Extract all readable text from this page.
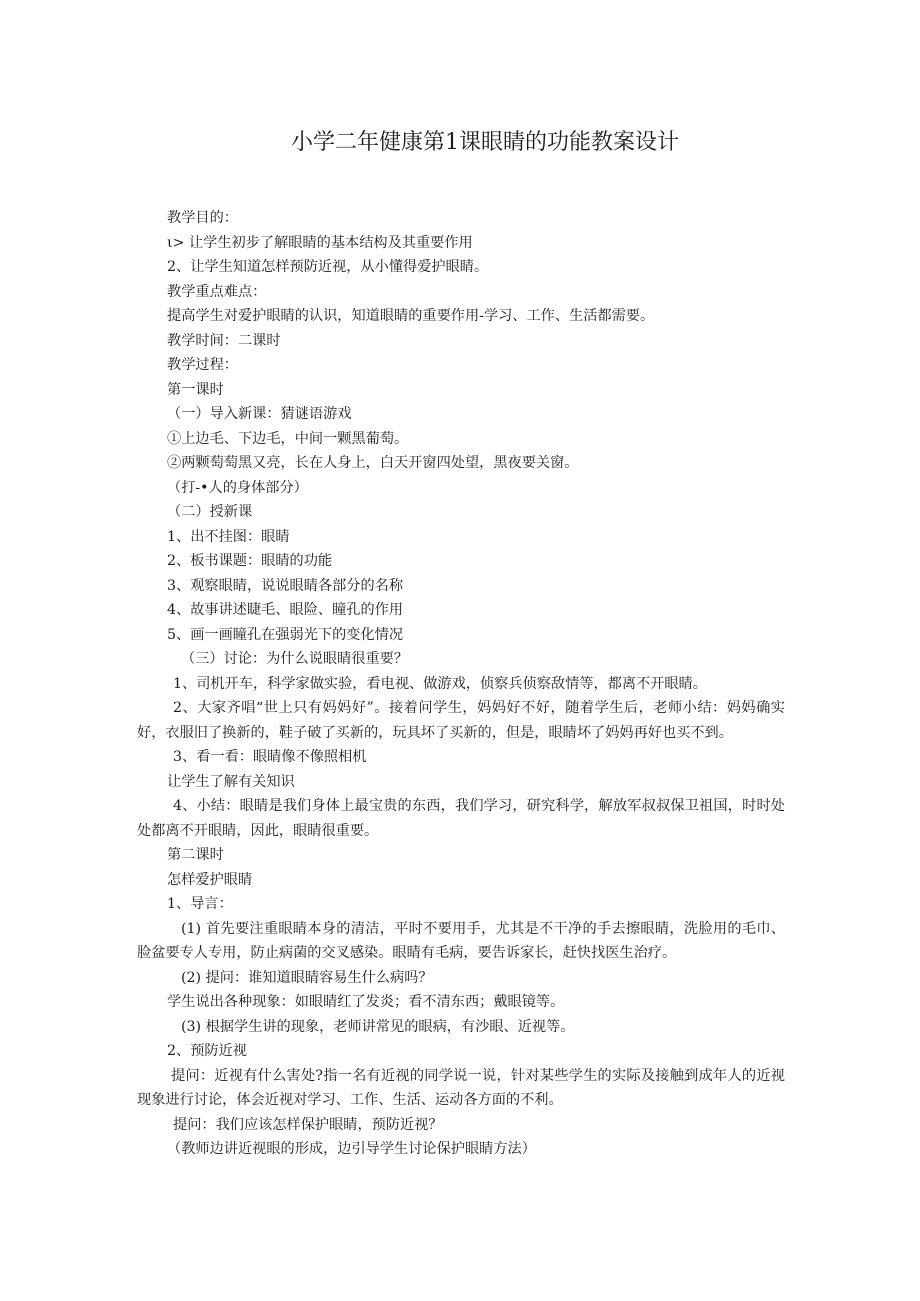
小学二年健康第1课眼睛的功能教案设计
教学目的：
ι> 让学生初步了解眼睛的基本结构及其重要作用
2、让学生知道怎样预防近视，从小懂得爱护眼睛。
教学重点难点：
提高学生对爱护眼睛的认识，知道眼睛的重要作用-学习、工作、生活都需要。
教学时间：二课时
教学过程：
第一课时
（一）导入新课：猜谜语游戏
①上边毛、下边毛，中间一颗黑葡萄。
②两颗萄萄黑又亮，长在人身上，白天开窗四处望，黑夜要关窗。
（打-•人的身体部分）
（二）授新课
1、出不挂图：眼睛
2、板书课题：眼睛的功能
3、观察眼睛，说说眼睛各部分的名称
4、故事讲述睫毛、眼险、瞳孔的作用
5、画一画瞳孔在强弱光下的变化情况
（三）讨论：为什么说眼睛很重要？
1、司机开车，科学家做实验，看电视、做游戏，侦察兵侦察敌情等，都离不开眼睛。
2、大家齐唱“世上只有妈妈好”。接着问学生，妈妈好不好，随着学生后，老师小结：妈妈确实好，衣服旧了换新的，鞋子破了买新的，玩具坏了买新的，但是，眼睛坏了妈妈再好也买不到。
3、看一看：眼睛像不像照相机
让学生了解有关知识
4、小结：眼睛是我们身体上最宝贵的东西，我们学习，研究科学，解放军叔叔保卫祖国，时时处处都离不开眼睛，因此，眼睛很重要。
第二课时
怎样爱护眼睛
1、导言：
(1) 首先要注重眼睛本身的清洁，平时不要用手，尤其是不干净的手去擦眼睛，洗脸用的毛巾、脸盆要专人专用，防止病菌的交叉感染。眼睛有毛病，要告诉家长，赶快找医生治疗。
(2) 提问：谁知道眼睛容易生什么病吗？
学生说出各种现象：如眼睛红了发炎；看不清东西；戴眼镜等。
(3) 根据学生讲的现象，老师讲常见的眼病，有沙眼、近视等。
2、预防近视
提问：近视有什么害处?指一名有近视的同学说一说，针对某些学生的实际及接触到成年人的近视现象进行讨论，体会近视对学习、工作、生活、运动各方面的不利。
提问：我们应该怎样保护眼睛，预防近视？
（教师边讲近视眼的形成，边引导学生讨论保护眼睛方法）
